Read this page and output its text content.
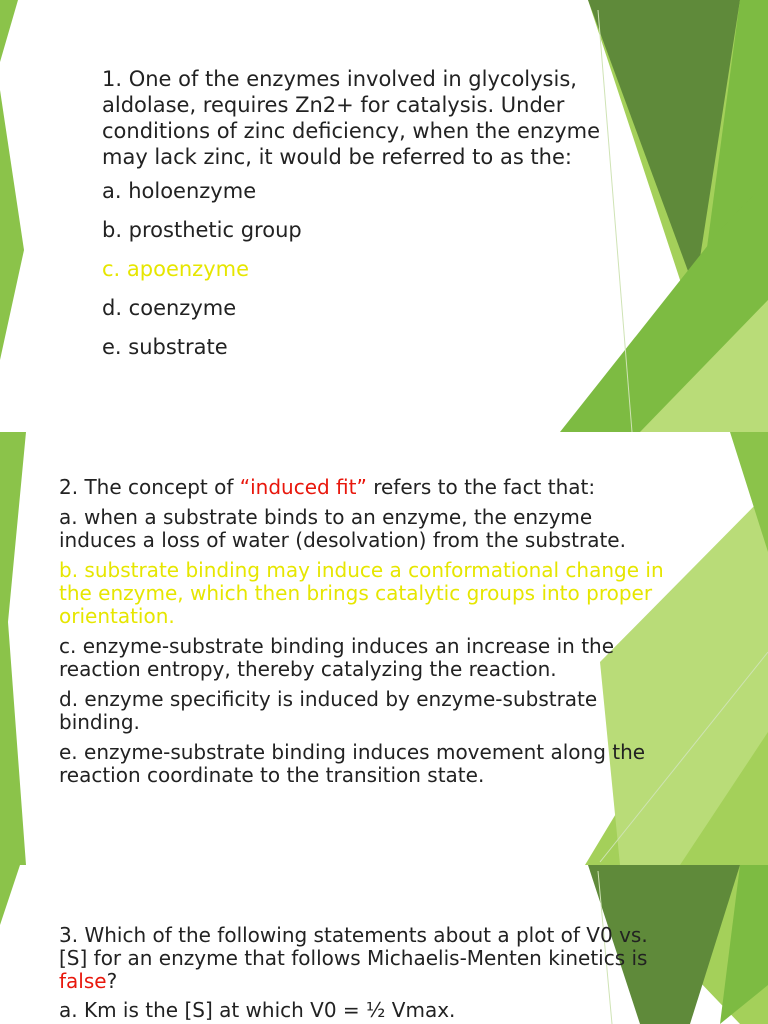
1. One of the enzymes involved in glycolysis,
aldolase, requires Zn2+ for catalysis. Under
conditions of zinc deficiency, when the enzyme
may lack zinc, it would be referred to as the:
a. holoenzyme
b. prosthetic group
c. apoenzyme
d. coenzyme
e. substrate
2. The concept of “induced fit” refers to the fact that:
a. when a substrate binds to an enzyme, the enzyme
induces a loss of water (desolvation) from the substrate.
b. substrate binding may induce a conformational change in
the enzyme, which then brings catalytic groups into proper
orientation.
c. enzyme-substrate binding induces an increase in the
reaction entropy, thereby catalyzing the reaction.
d. enzyme specificity is induced by enzyme-substrate
binding.
e. enzyme-substrate binding induces movement along the
reaction coordinate to the transition state.
3. Which of the following statements about a plot of V0 vs.
[S] for an enzyme that follows Michaelis-Menten kinetics is
false?
a. Km is the [S] at which V0 = ½ Vmax.
